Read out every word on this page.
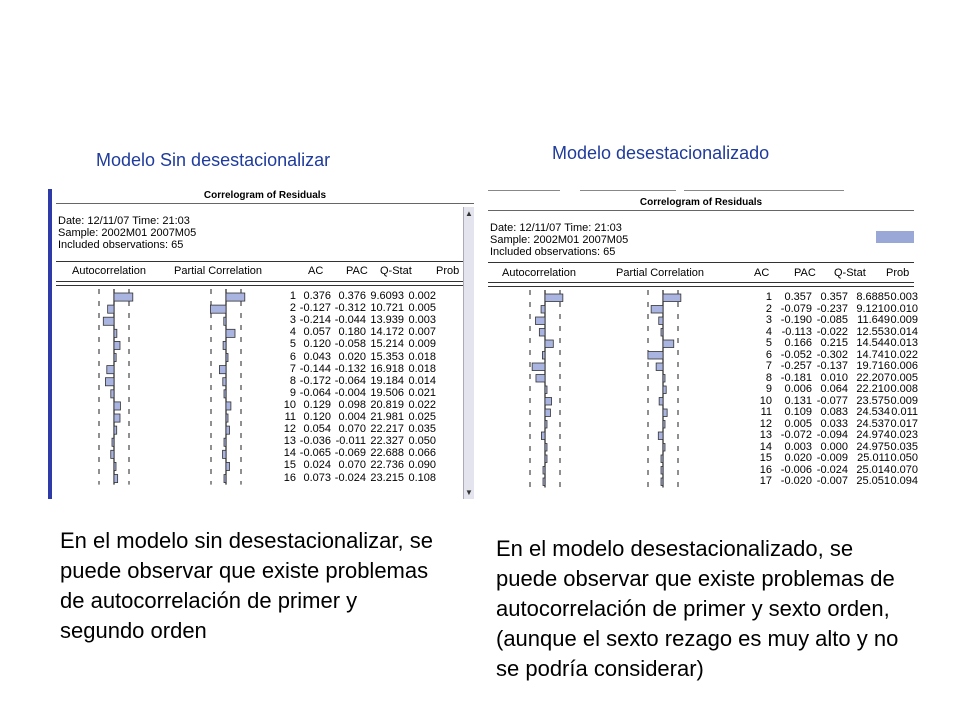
Modelo Sin desestacionalizar	Modelo desestacionalizado
Correlogram of Residuals
Date: 12/11/07 Time: 21:03
Sample: 2002M01 2007M05
Included observations: 65
Autocorrelation	Partial Correlation	AC PAC Q-Stat Prob
1 0.376 0.376 9.6093 0.002
2 -0.127 -0.312 10.721 0.005
3 -0.214 -0.044 13.939 0.003
4 0.057 0.180 14.172 0.007
5 0.120 -0.058 15.214 0.009
6 0.043 0.020 15.353 0.018
7 -0.144 -0.132 16.918 0.018
8 -0.172 -0.064 19.184 0.014
9 -0.064 -0.004 19.506 0.021
10 0.129 0.098 20.819 0.022
11 0.120 0.004 21.981 0.025
12 0.054 0.070 22.217 0.035
13 -0.036 -0.011 22.327 0.050
14 -0.065 -0.069 22.688 0.066
15 0.024 0.070 22.736 0.090
16 0.073 -0.024 23.215 0.108
▲
▼
Correlogram of Residuals
Date: 12/11/07 Time: 21:03
Sample: 2002M01 2007M05
Included observations: 65
Autocorrelation	Partial Correlation	AC PAC Q-Stat Prob
1	0.357 0.357 8.6885 0.003
2 -0.079 -0.237 9.1210 0.010
3 -0.190 -0.085 11.649 0.009
4 -0.113 -0.022 12.553 0.014
5	0.166 0.215 14.544 0.013
6 -0.052 -0.302 14.741 0.022
7 -0.257 -0.137 19.716 0.006
8 -0.181 0.010 22.207 0.005
9	0.006 0.064 22.210 0.008
10	0.131 -0.077 23.575 0.009
11	0.109 0.083 24.534 0.011
12	0.005 0.033 24.537 0.017
13 -0.072 -0.094 24.974 0.023
14	0.003 0.000 24.975 0.035
15	0.020 -0.009 25.011 0.050
16 -0.006 -0.024 25.014 0.070
17 -0.020 -0.007 25.051 0.094
En el modelo sin desestacionalizar, se puede observar que existe problemas de autocorrelación de primer y segundo orden
En el modelo desestacionalizado, se puede observar que existe problemas de autocorrelación de primer y sexto orden, (aunque el sexto rezago es muy alto y no se podría considerar)
